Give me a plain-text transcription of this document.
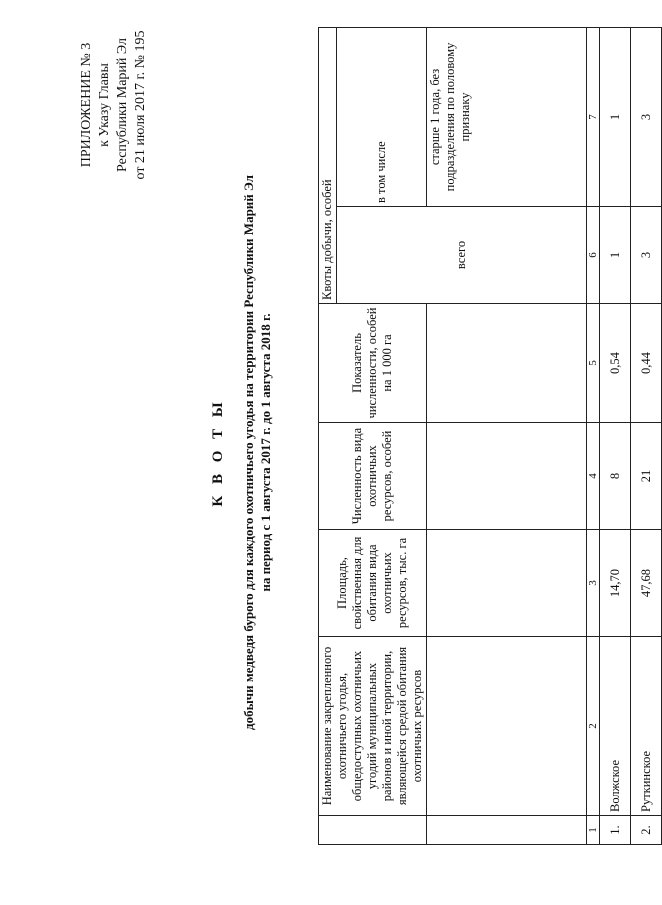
ПРИЛОЖЕНИЕ № 3 к Указу Главы Республики Марий Эл от 21 июля 2017 г. № 195
К В О Т Ы добычи медведя бурого для каждого охотничьего угодья на территории Республики Марий Эл на период с 1 августа 2017 г. до 1 августа 2018 г.
	Наименование закрепленного охотничьего угодья, общедоступных охотничьих угодий муниципальных районов и иной территории, являющейся средой обитания охотничьих ресурсов	Площадь, свойственная для обитания вида охотничьих ресурсов, тыс. га	Численность вида охотничьих ресурсов, особей	Показатель численности, особей на 1 000 га	Квоты добычи, особей	
					всего	в том числе
						старше 1 года, без подразделения по половому признаку
1	2	3	4	5	6	7
1.	Волжское	14,70	8	0,54	1	1
2.	Руткинское	47,68	21	0,44	3	3
